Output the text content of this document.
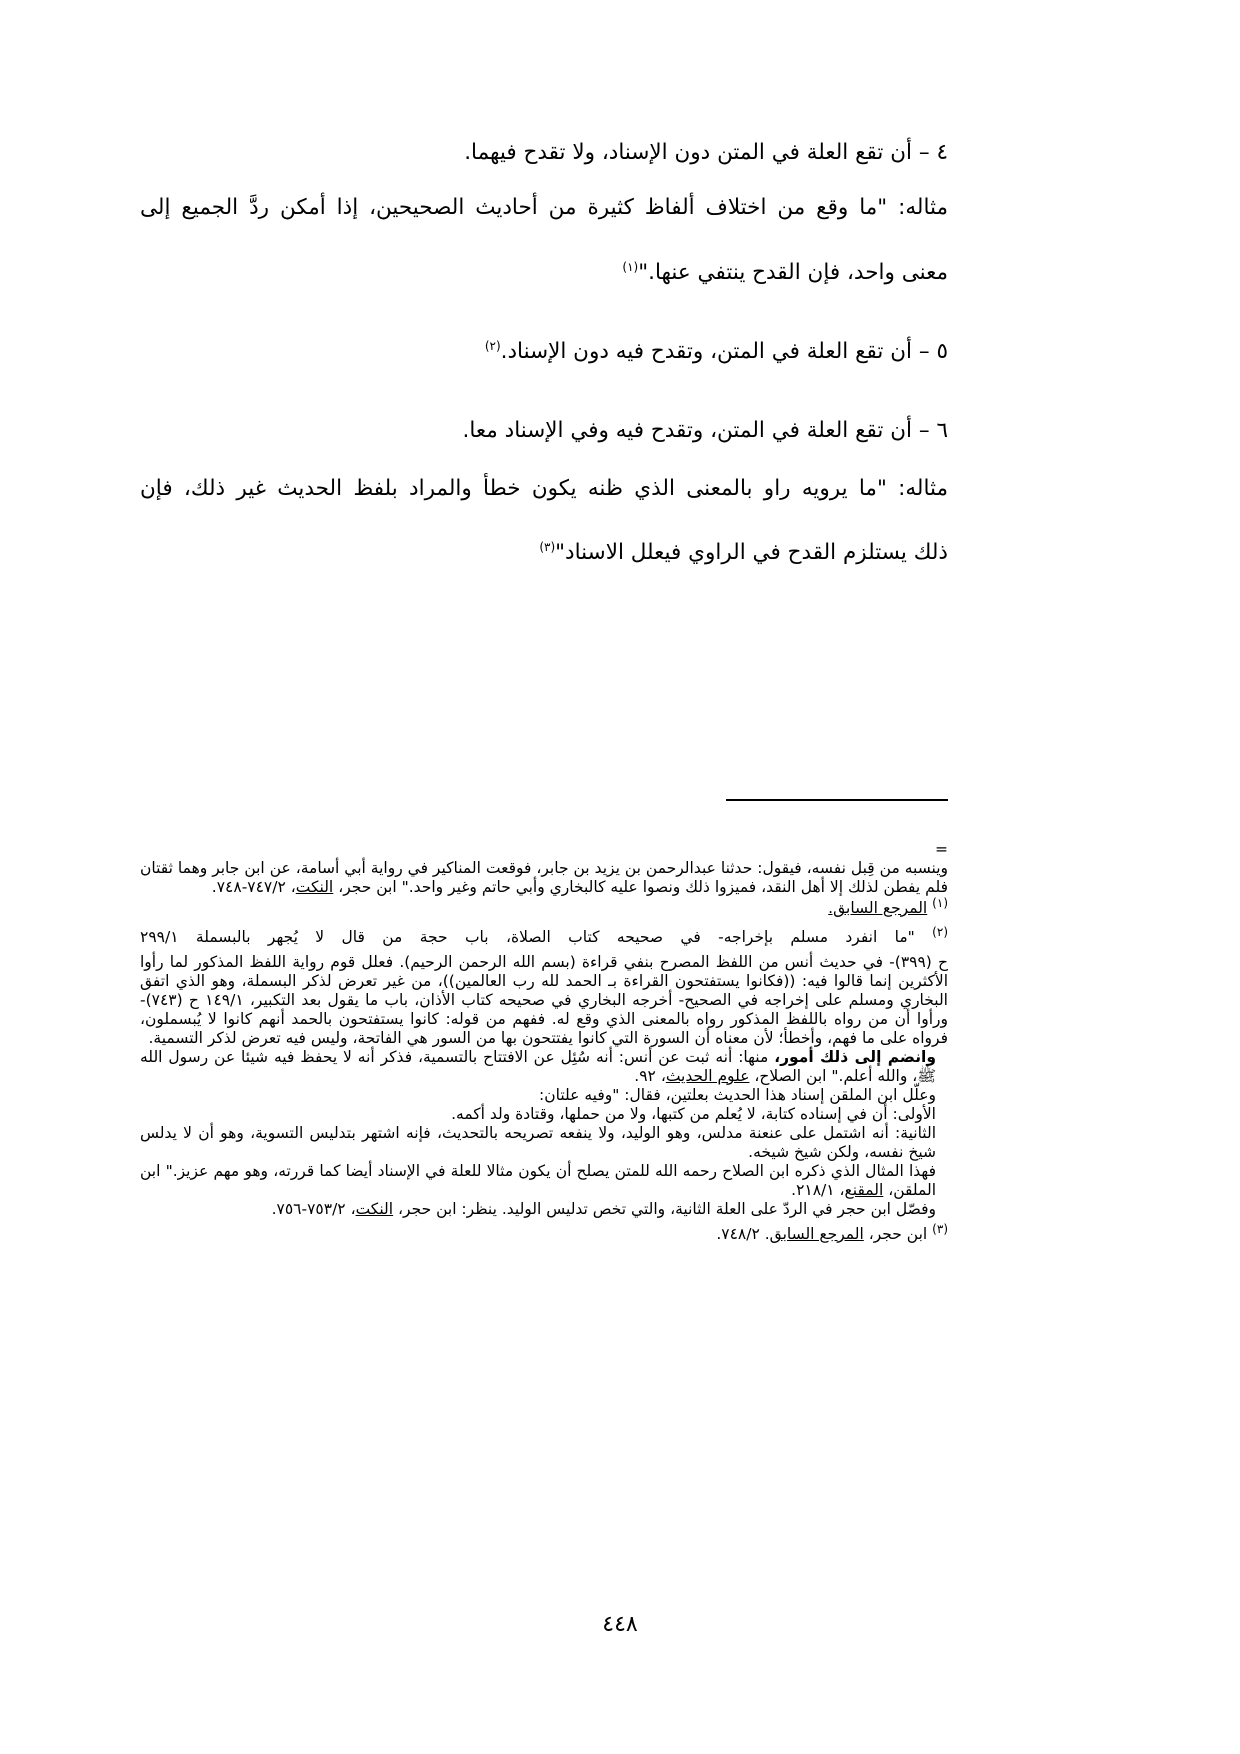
٤ – أن تقع العلة في المتن دون الإسناد، ولا تقدح فيهما.
مثاله: "ما وقع من اختلاف ألفاظ كثيرة من أحاديث الصحيحين، إذا أمكن ردَّ الجميع إلى
معنى واحد، فإن القدح ينتفي عنها."$^{(١)}$
٥ – أن تقع العلة في المتن، وتقدح فيه دون الإسناد.$^{(٢)}$
٦ – أن تقع العلة في المتن، وتقدح فيه وفي الإسناد معا.
مثاله: "ما يرويه راو بالمعنى الذي ظنه يكون خطأ والمراد بلفظ الحديث غير ذلك، فإن
ذلك يستلزم القدح في الراوي فيعلل الاسناد"$^{(٣)}$

=

وينسبه من قِبل نفسه، فيقول: حدثنا عبدالرحمن بن يزيد بن جابر، فوقعت المناكير في رواية أبي أسامة، عن ابن جابر وهما ثقتان فلم يفطن لذلك إلا أهل النقد، فميزوا ذلك ونصوا عليه كالبخاري وأبي حاتم وغير واحد." ابن حجر، النكت، ٧٤٧/٢-٧٤٨.

$^{(١)}$ المرجع السابق.

$^{(٢)}$ "ما انفرد مسلم بإخراجه- في صحيحه كتاب الصلاة، باب حجة من قال لا يُجهر بالبسملة ٢٩٩/١

ح (٣٩٩)- في حديث أنس من اللفظ المصرح بنفي قراءة (بسم الله الرحمن الرحيم). فعلل قوم رواية اللفظ المذكور لما رأوا الأكثرين إنما قالوا فيه: ((فكانوا يستفتحون القراءة بـ الحمد لله رب العالمين))، من غير تعرض لذكر البسملة، وهو الذي اتفق البخاري ومسلم على إخراجه في الصحيح- أخرجه البخاري في صحيحه كتاب الأذان، باب ما يقول بعد التكبير، ١٤٩/١ ح (٧٤٣)- ورأوا أن من رواه باللفظ المذكور رواه بالمعنى الذي وقع له. ففهم من قوله: كانوا يستفتحون بالحمد أنهم كانوا لا يُبسملون، فرواه على ما فهم، وأخطأ؛ لأن معناه أن السورة التي كانوا يفتتحون بها من السور هي الفاتحة، وليس فيه تعرض لذكر التسمية.

وانضم إلى ذلك أمور، منها: أنه ثبت عن أنس: أنه سُئِل عن الافتتاح بالتسمية، فذكر أنه لا يحفظ فيه شيئا عن رسول الله ﷺ، والله أعلم." ابن الصلاح، علوم الحديث، ٩٢.

وعلّل ابن الملقن إسناد هذا الحديث بعلتين، فقال: "وفيه علتان:

الأولى: أن في إسناده كتابة، لا يُعلم من كتبها، ولا من حملها، وقتادة ولد أكمه.

الثانية: أنه اشتمل على عنعنة مدلس، وهو الوليد، ولا ينفعه تصريحه بالتحديث، فإنه اشتهر بتدليس التسوية، وهو أن لا يدلس شيخ نفسه، ولكن شيخ شيخه.

فهذا المثال الذي ذكره ابن الصلاح رحمه الله للمتن يصلح أن يكون مثالا للعلة في الإسناد أيضا كما قررته، وهو مهم عزيز." ابن الملقن، المقنع، ٢١٨/١.

وفصّل ابن حجر في الردّ على العلة الثانية، والتي تخص تدليس الوليد. ينظر: ابن حجر، النكت، ٧٥٣/٢-٧٥٦.

$^{(٣)}$ ابن حجر، المرجع السابق. ٧٤٨/٢.

٤٤٨
